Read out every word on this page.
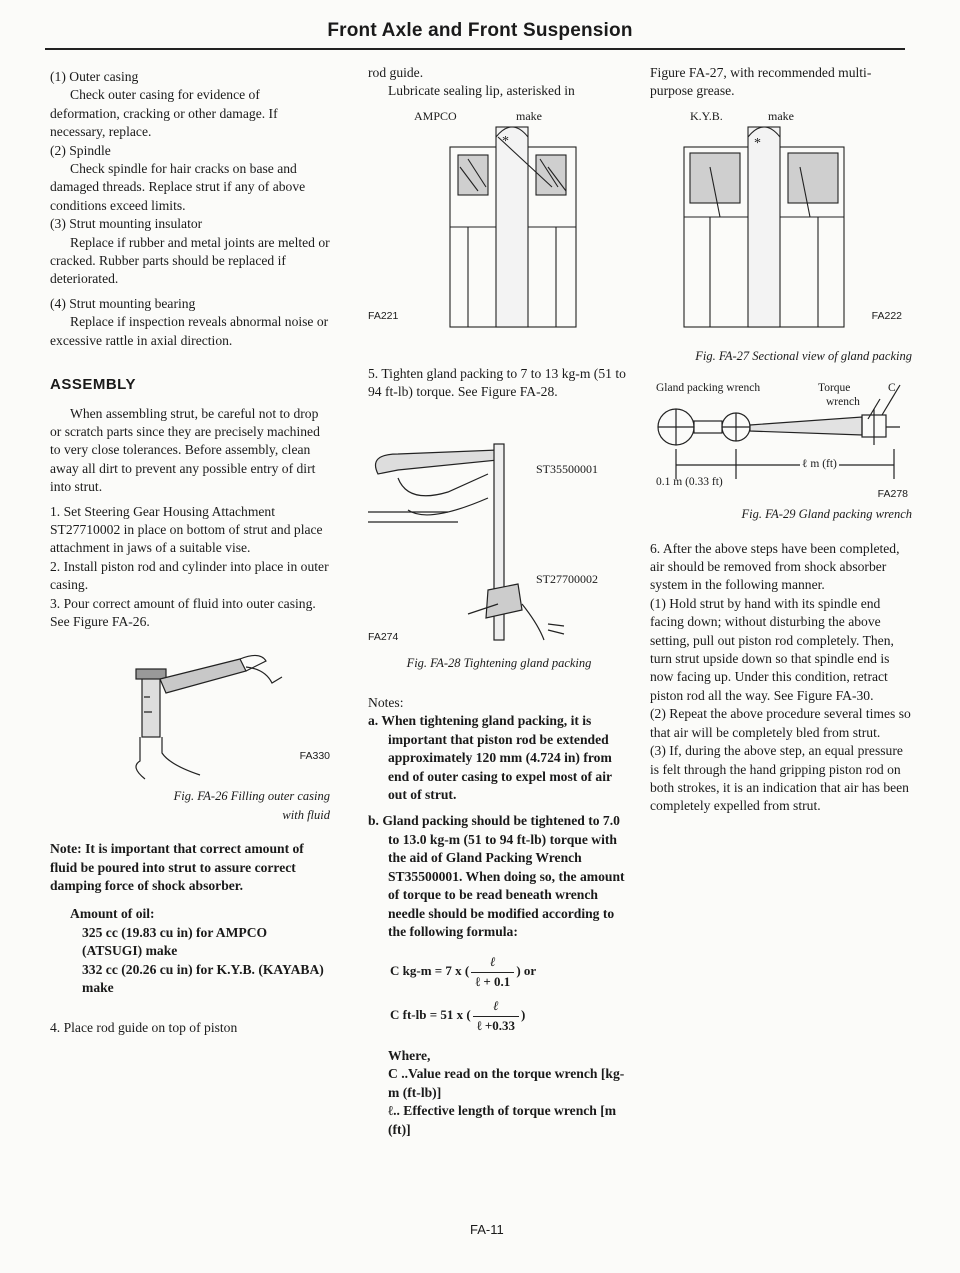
Front Axle and Front Suspension

(1) Outer casing

Check outer casing for evidence of deformation, cracking or other damage. If necessary, replace.

(2) Spindle

Check spindle for hair cracks on base and damaged threads. Replace strut if any of above conditions exceed limits.

(3) Strut mounting insulator

Replace if rubber and metal joints are melted or cracked. Rubber parts should be replaced if deteriorated.

(4) Strut mounting bearing

Replace if inspection reveals abnormal noise or excessive rattle in axial direction.

ASSEMBLY

When assembling strut, be careful not to drop or scratch parts since they are precisely machined to very close tolerances. Before assembly, clean away all dirt to prevent any possible entry of dirt into strut.

1. Set Steering Gear Housing Attachment ST27710002 in place on bottom of strut and place attachment in jaws of a suitable vise.

2. Install piston rod and cylinder into place in outer casing.

3. Pour correct amount of fluid into outer casing. See Figure FA-26.

FA330
Fig. FA-26 Filling outer casing
with fluid

Note: It is important that correct amount of fluid be poured into strut to assure correct damping force of shock absorber.

Amount of oil:

325 cc (19.83 cu in) for AMPCO (ATSUGI) make

332 cc (20.26 cu in) for K.Y.B. (KAYABA) make

4. Place rod guide on top of piston

rod guide.

Lubricate sealing lip, asterisked in

AMPCO	make
*
FA221

5. Tighten gland packing to 7 to 13 kg-m (51 to 94 ft-lb) torque. See Figure FA-28.

ST35500001
ST27700002
FA274
Fig. FA-28 Tightening gland packing

Notes:

a. When tightening gland packing, it is important that piston rod be extended approximately 120 mm (4.724 in) from end of outer casing to expel most of air out of strut.

b. Gland packing should be tightened to 7.0 to 13.0 kg-m (51 to 94 ft-lb) torque with the aid of Gland Packing Wrench ST35500001. When doing so, the amount of torque to be read beneath wrench needle should be modified according to the following formula:

C kg-m = 7 x ( $\frac{\text{ℓ}}{\text{ℓ + 0.1}}$ ) or
C ft-lb = 51 x ( $\frac{\text{ℓ}}{\text{ℓ +0.33}}$ )

Where,

C ..Value read on the torque wrench [kg-m (ft-lb)]

ℓ.. Effective length of torque wrench [m (ft)]

Figure FA-27, with recommended multi-purpose grease.

K.Y.B.	make
*
FA222
Fig. FA-27 Sectional view of gland packing
Gland packing wrench	Torque
wrench
C
0.1 m (0.33 ft)
ℓ m (ft)
FA278
Fig. FA-29 Gland packing wrench

6. After the above steps have been completed, air should be removed from shock absorber system in the following manner.

(1) Hold strut by hand with its spindle end facing down; without disturbing the above setting, pull out piston rod completely. Then, turn strut upside down so that spindle end is now facing up. Under this condition, retract piston rod all the way. See Figure FA-30.

(2) Repeat the above procedure several times so that air will be completely bled from strut.

(3) If, during the above step, an equal pressure is felt through the hand gripping piston rod on both strokes, it is an indication that air has been completely expelled from strut.

FA-11
